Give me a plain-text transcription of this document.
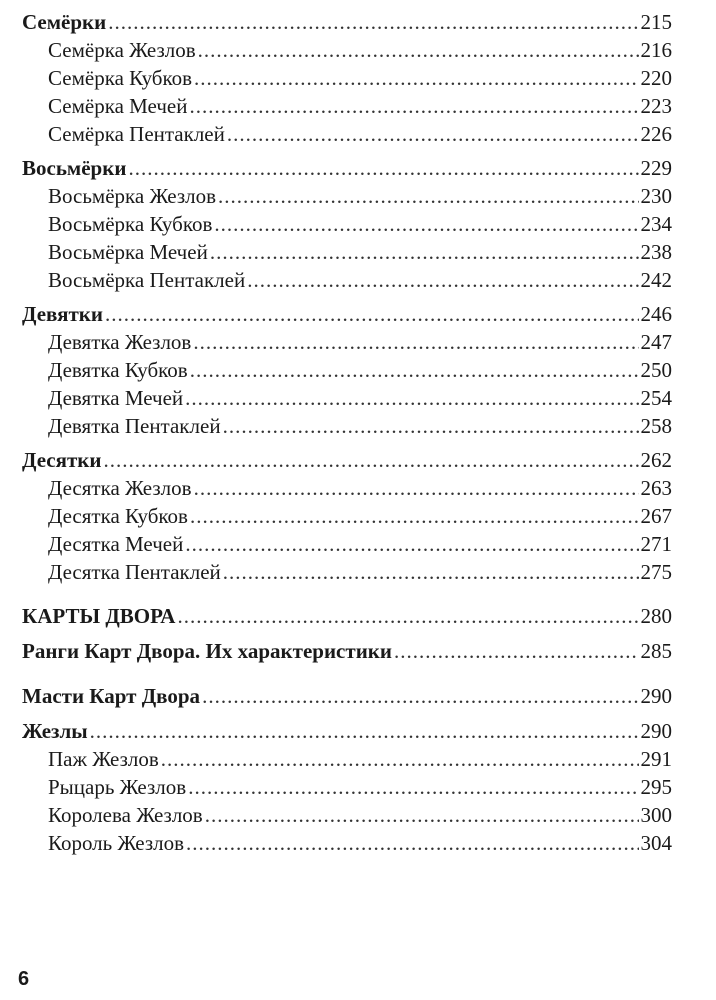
Семёрки .....	215
Семёрка Жезлов .....	216
Семёрка Кубков .....	220
Семёрка Мечей .....	223
Семёрка Пентаклей .....	226
Восьмёрки .....	229
Восьмёрка Жезлов .....	230
Восьмёрка Кубков .....	234
Восьмёрка Мечей .....	238
Восьмёрка Пентаклей .....	242
Девятки .....	246
Девятка Жезлов .....	247
Девятка Кубков .....	250
Девятка Мечей .....	254
Девятка Пентаклей .....	258
Десятки .....	262
Десятка Жезлов .....	263
Десятка Кубков .....	267
Десятка Мечей .....	271
Десятка Пентаклей .....	275
КАРТЫ ДВОРА .....	280
Ранги Карт Двора. Их характеристики .....	285
Масти Карт Двора .....	290
Жезлы .....	290
Паж Жезлов .....	291
Рыцарь Жезлов .....	295
Королева Жезлов .....	300
Король Жезлов .....	304
6
